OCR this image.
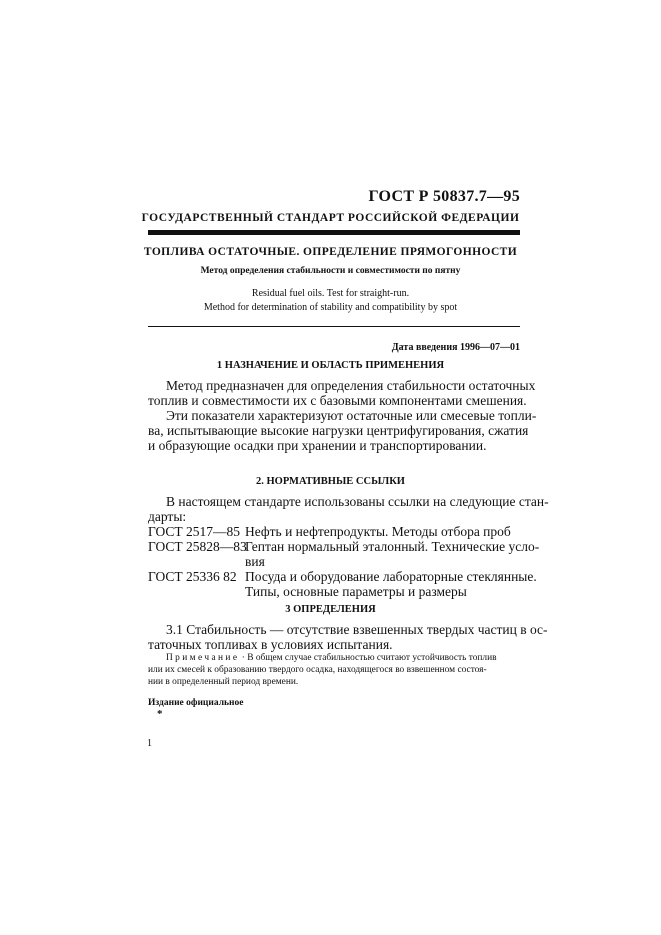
ГОСТ Р 50837.7—95
ГОСУДАРСТВЕННЫЙ СТАНДАРТ РОССИЙСКОЙ ФЕДЕРАЦИИ
ТОПЛИВА ОСТАТОЧНЫЕ. ОПРЕДЕЛЕНИЕ ПРЯМОГОННОСТИ
Метод определения стабильности и совместимости по пятну
Residual fuel oils. Test for straight-run.
Method for determination of stability and compatibility by spot
Дата введения 1996—07—01
1 НАЗНАЧЕНИЕ И ОБЛАСТЬ ПРИМЕНЕНИЯ
Метод предназначен для определения стабильности остаточных
топлив и совместимости их с базовыми компонентами смешения.
Эти показатели характеризуют остаточные или смесевые топли-
ва, испытывающие высокие нагрузки центрифугирования, сжатия
и образующие осадки при хранении и транспортировании.
2. НОРМАТИВНЫЕ ССЫЛКИ
В настоящем стандарте использованы ссылки на следующие стан-
дарты:
ГОСТ 2517—85 Нефть и нефтепродукты. Методы отбора проб
ГОСТ 25828—83
Гептан нормальный эталонный. Технические усло-
вия
ГОСТ 25336 82 Посуда и оборудование лабораторные стеклянные.
Типы, основные параметры и размеры
3 ОПРЕДЕЛЕНИЯ
3.1 Стабильность — отсутствие взвешенных твердых частиц в ос-
таточных топливах в условиях испытания.
Примечание · В общем случае стабильностью считают устойчивость топлив
или их смесей к образованию твердого осадка, находящегося во взвешенном состоя-
нии в определенный период времени.
Издание официальное
*
1
